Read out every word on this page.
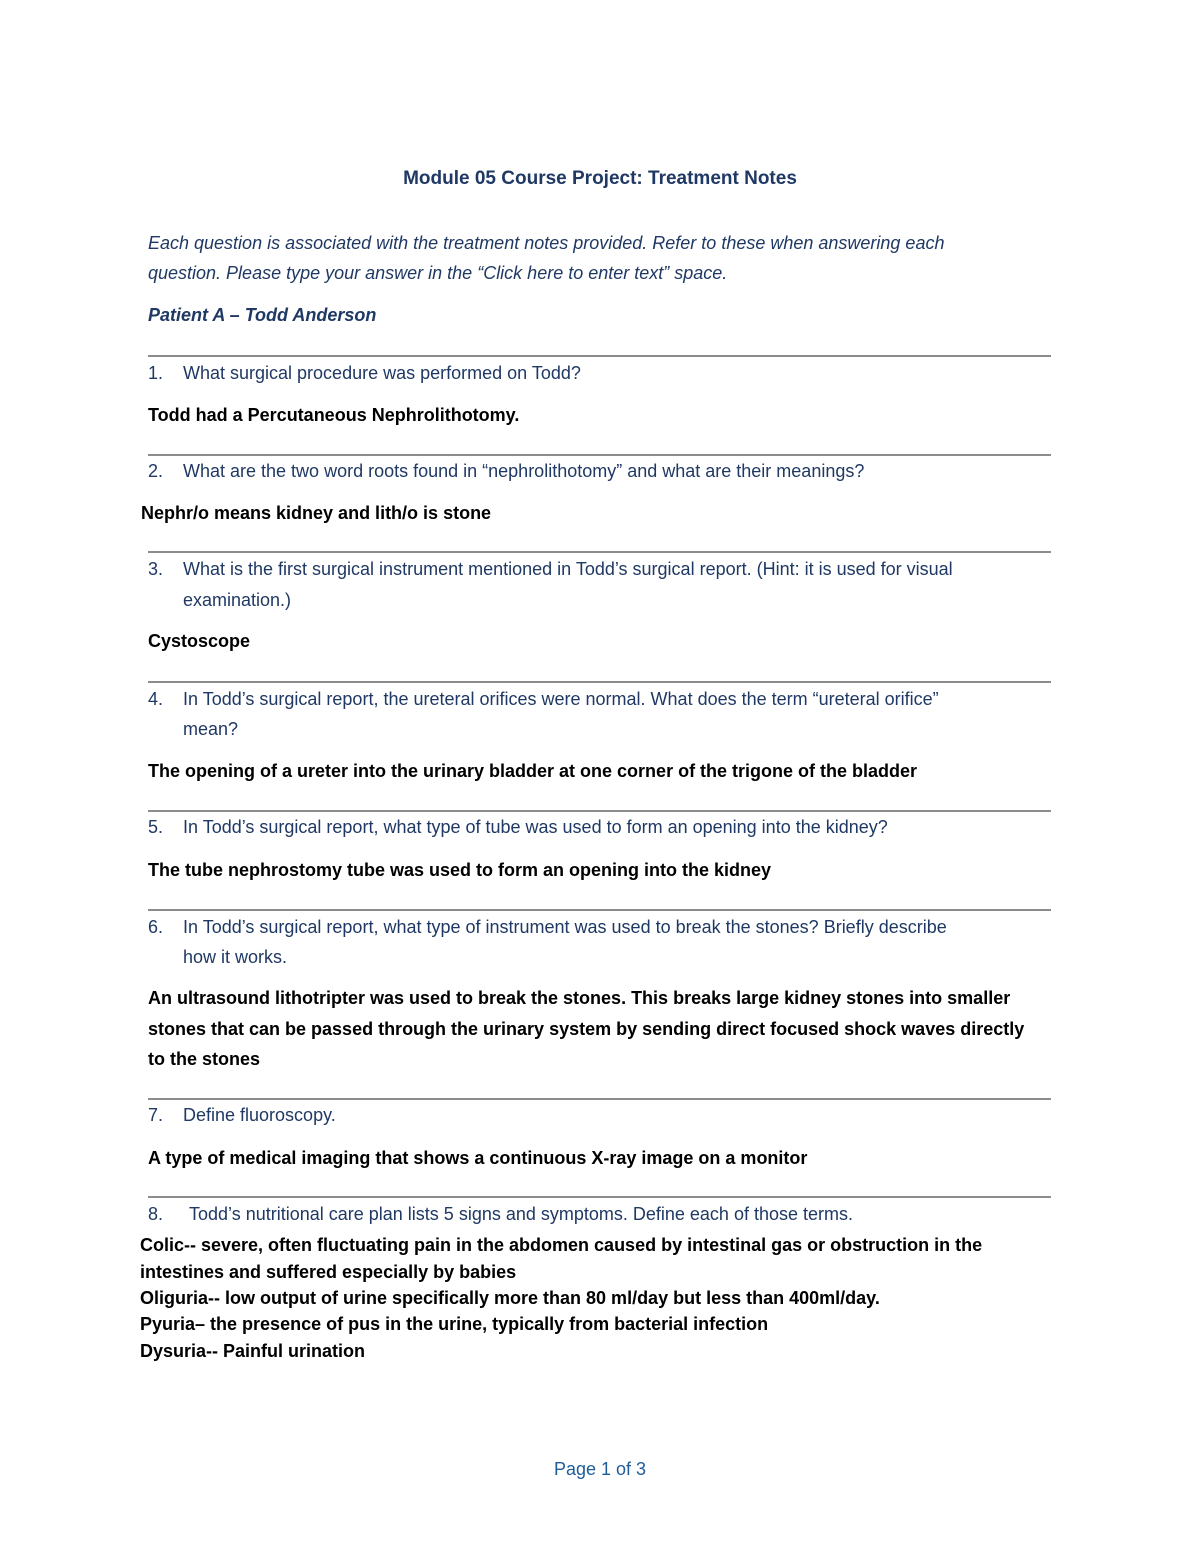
Module 05 Course Project: Treatment Notes
Each question is associated with the treatment notes provided. Refer to these when answering each
question. Please type your answer in the “Click here to enter text” space.
Patient A – Todd Anderson
1. What surgical procedure was performed on Todd?
Todd had a Percutaneous Nephrolithotomy.
2. What are the two word roots found in “nephrolithotomy” and what are their meanings?
Nephr/o means kidney and lith/o is stone
3. What is the first surgical instrument mentioned in Todd’s surgical report. (Hint: it is used for visual
examination.)
Cystoscope
4. In Todd’s surgical report, the ureteral orifices were normal. What does the term “ureteral orifice”
mean?
The opening of a ureter into the urinary bladder at one corner of the trigone of the bladder
5. In Todd’s surgical report, what type of tube was used to form an opening into the kidney?
The tube nephrostomy tube was used to form an opening into the kidney
6. In Todd’s surgical report, what type of instrument was used to break the stones? Briefly describe
how it works.
An ultrasound lithotripter was used to break the stones. This breaks large kidney stones into smaller
stones that can be passed through the urinary system by sending direct focused shock waves directly
to the stones
7. Define fluoroscopy.
A type of medical imaging that shows a continuous X-ray image on a monitor
8. Todd’s nutritional care plan lists 5 signs and symptoms. Define each of those terms.
Colic-- severe, often fluctuating pain in the abdomen caused by intestinal gas or obstruction in the
intestines and suffered especially by babies
Oliguria-- low output of urine specifically more than 80 ml/day but less than 400ml/day.
Pyuria– the presence of pus in the urine, typically from bacterial infection
Dysuria-- Painful urination
Page 1 of 3
